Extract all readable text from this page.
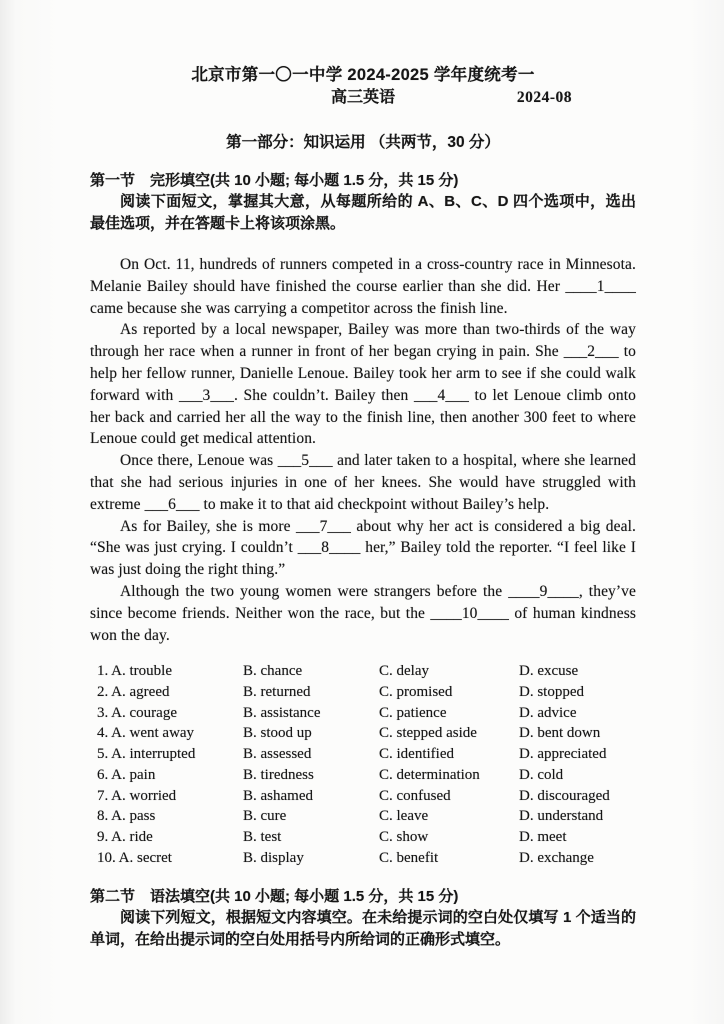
北京市第一〇一中学 2024-2025 学年度统考一
高三英语	2024-08
第一部分：知识运用 （共两节，30 分）
第一节　完形填空(共 10 小题; 每小题 1.5 分，共 15 分)

阅读下面短文，掌握其大意，从每题所给的 A、B、C、D 四个选项中，选出最佳选项，并在答题卡上将该项涂黑。

On Oct. 11, hundreds of runners competed in a cross-country race in Minnesota. Melanie Bailey should have finished the course earlier than she did. Her ____1____ came because she was carrying a competitor across the finish line.

As reported by a local newspaper, Bailey was more than two-thirds of the way through her race when a runner in front of her began crying in pain. She ___2___ to help her fellow runner, Danielle Lenoue. Bailey took her arm to see if she could walk forward with ___3___. She couldn’t. Bailey then ___4___ to let Lenoue climb onto her back and carried her all the way to the finish line, then another 300 feet to where Lenoue could get medical attention.

Once there, Lenoue was ___5___ and later taken to a hospital, where she learned that she had serious injuries in one of her knees. She would have struggled with extreme ___6___ to make it to that aid checkpoint without Bailey’s help.

As for Bailey, she is more ___7___ about why her act is considered a big deal. “She was just crying. I couldn’t ___8____ her,” Bailey told the reporter. “I feel like I was just doing the right thing.”

Although the two young women were strangers before the ____9____, they’ve since become friends. Neither won the race, but the ____10____ of human kindness won the day.

1. A. trouble	B. chance	C. delay	D. excuse
2. A. agreed	B. returned	C. promised	D. stopped
3. A. courage	B. assistance	C. patience	D. advice
4. A. went away	B. stood up	C. stepped aside	D. bent down
5. A. interrupted	B. assessed	C. identified	D. appreciated
6. A. pain	B. tiredness	C. determination	D. cold
7. A. worried	B. ashamed	C. confused	D. discouraged
8. A. pass	B. cure	C. leave	D. understand
9. A. ride	B. test	C. show	D. meet
10. A. secret	B. display	C. benefit	D. exchange
第二节　语法填空(共 10 小题; 每小题 1.5 分，共 15 分)

阅读下列短文，根据短文内容填空。在未给提示词的空白处仅填写 1 个适当的单词，在给出提示词的空白处用括号内所给词的正确形式填空。
